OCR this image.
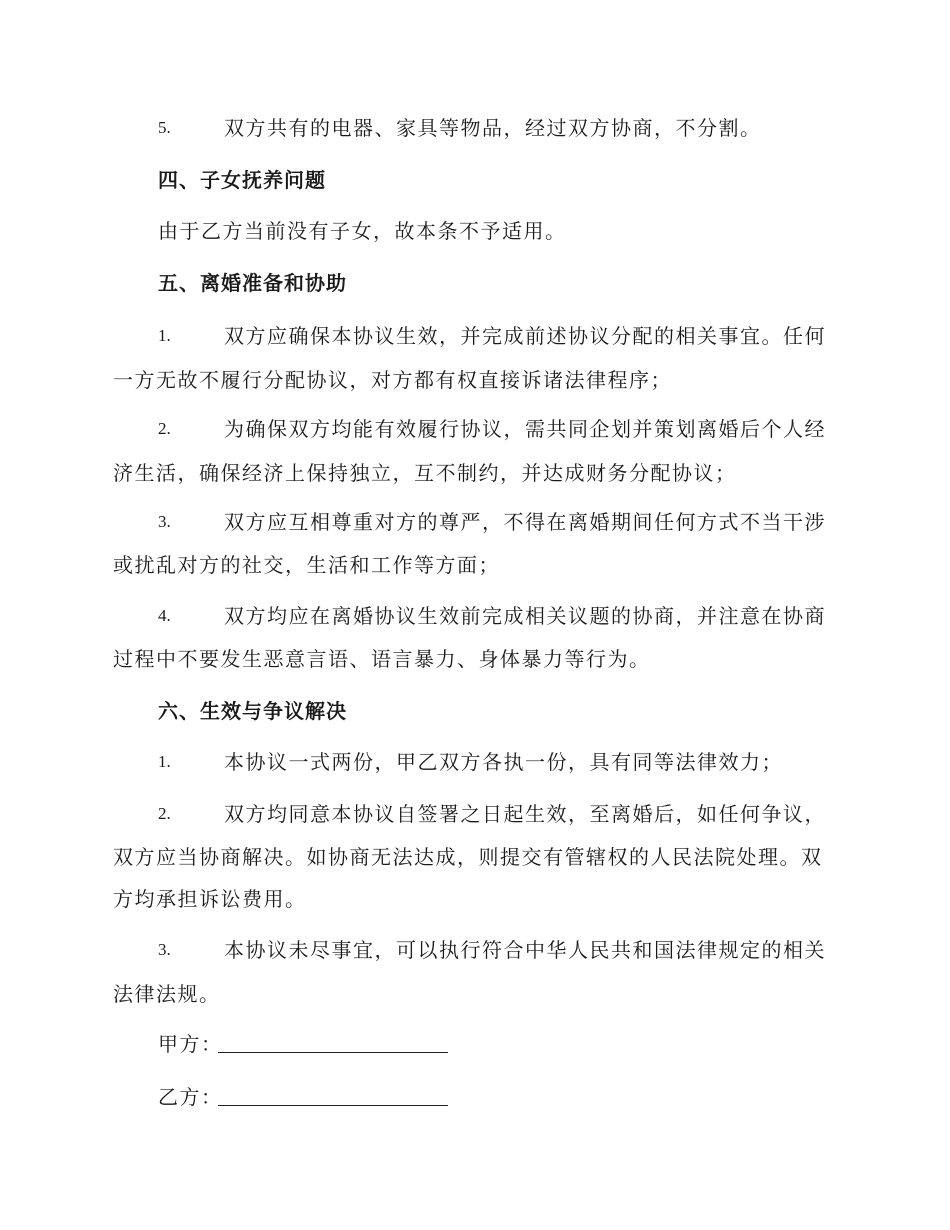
5.	双方共有的电器、家具等物品，经过双方协商，不分割。
四、子女抚养问题
由于乙方当前没有子女，故本条不予适用。
五、离婚准备和协助
1.	双方应确保本协议生效，并完成前述协议分配的相关事宜。任何
一方无故不履行分配协议，对方都有权直接诉诸法律程序；
2.	为确保双方均能有效履行协议，需共同企划并策划离婚后个人经
济生活，确保经济上保持独立，互不制约，并达成财务分配协议；
3.	双方应互相尊重对方的尊严，不得在离婚期间任何方式不当干涉
或扰乱对方的社交，生活和工作等方面；
4.	双方均应在离婚协议生效前完成相关议题的协商，并注意在协商
过程中不要发生恶意言语、语言暴力、身体暴力等行为。
六、生效与争议解决
1.	本协议一式两份，甲乙双方各执一份，具有同等法律效力；
2.	双方均同意本协议自签署之日起生效，至离婚后，如任何争议，
双方应当协商解决。如协商无法达成，则提交有管辖权的人民法院处理。双
方均承担诉讼费用。
3.	本协议未尽事宜，可以执行符合中华人民共和国法律规定的相关
法律法规。
甲方：
乙方：
